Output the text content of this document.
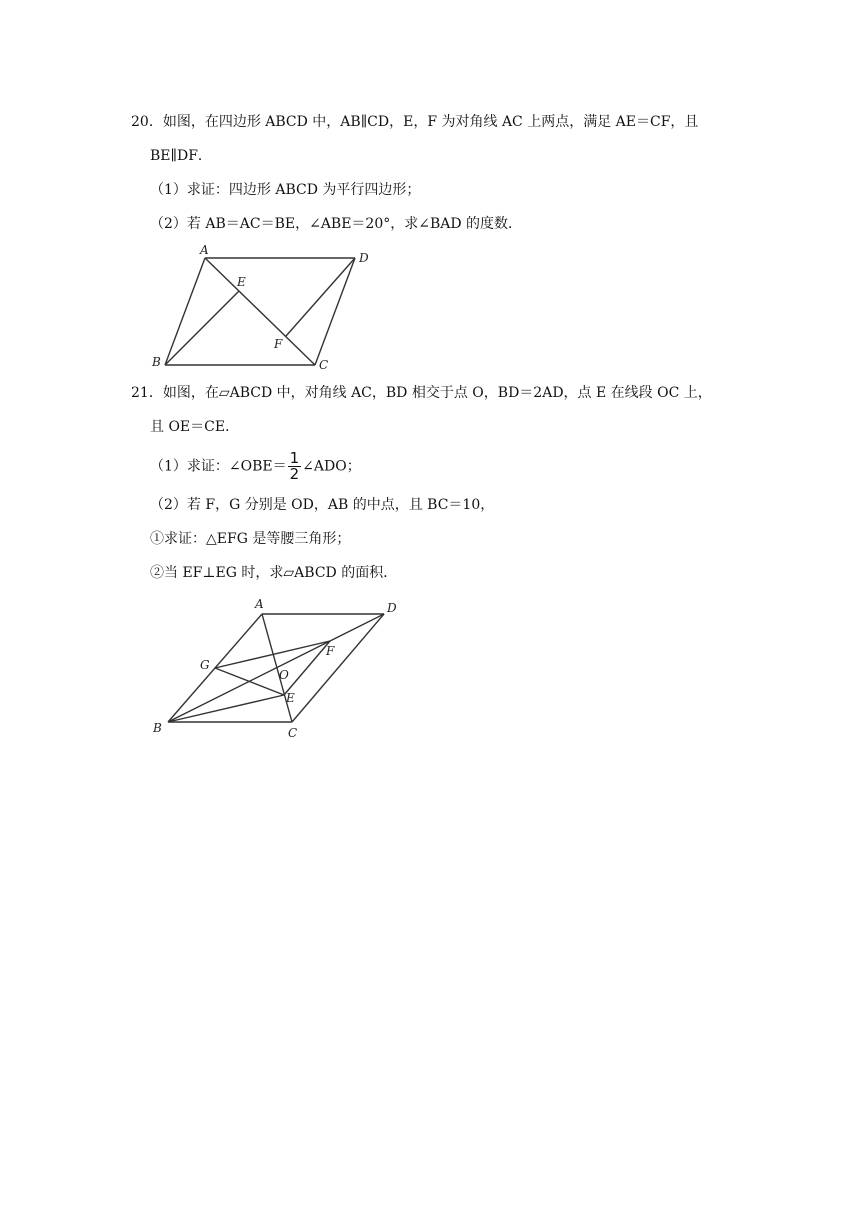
20．如图，在四边形 ABCD 中，AB∥CD，E，F 为对角线 AC 上两点，满足 AE＝CF，且
BE∥DF．
（1）求证：四边形 ABCD 为平行四边形；
（2）若 AB＝AC＝BE，∠ABE＝20°，求∠BAD 的度数．
A
D
E
F
B	C
21．如图，在▱ABCD 中，对角线 AC，BD 相交于点 O，BD＝2AD，点 E 在线段 OC 上，
且 OE＝CE．
（1）求证：∠OBE＝ $\frac{1}{2}$ ∠ADO；
（2）若 F，G 分别是 OD，AB 的中点，且 BC＝10，
①求证：△EFG 是等腰三角形；
②当 EF⊥EG 时，求▱ABCD 的面积．
A	D
F
G
O
E
B	C
